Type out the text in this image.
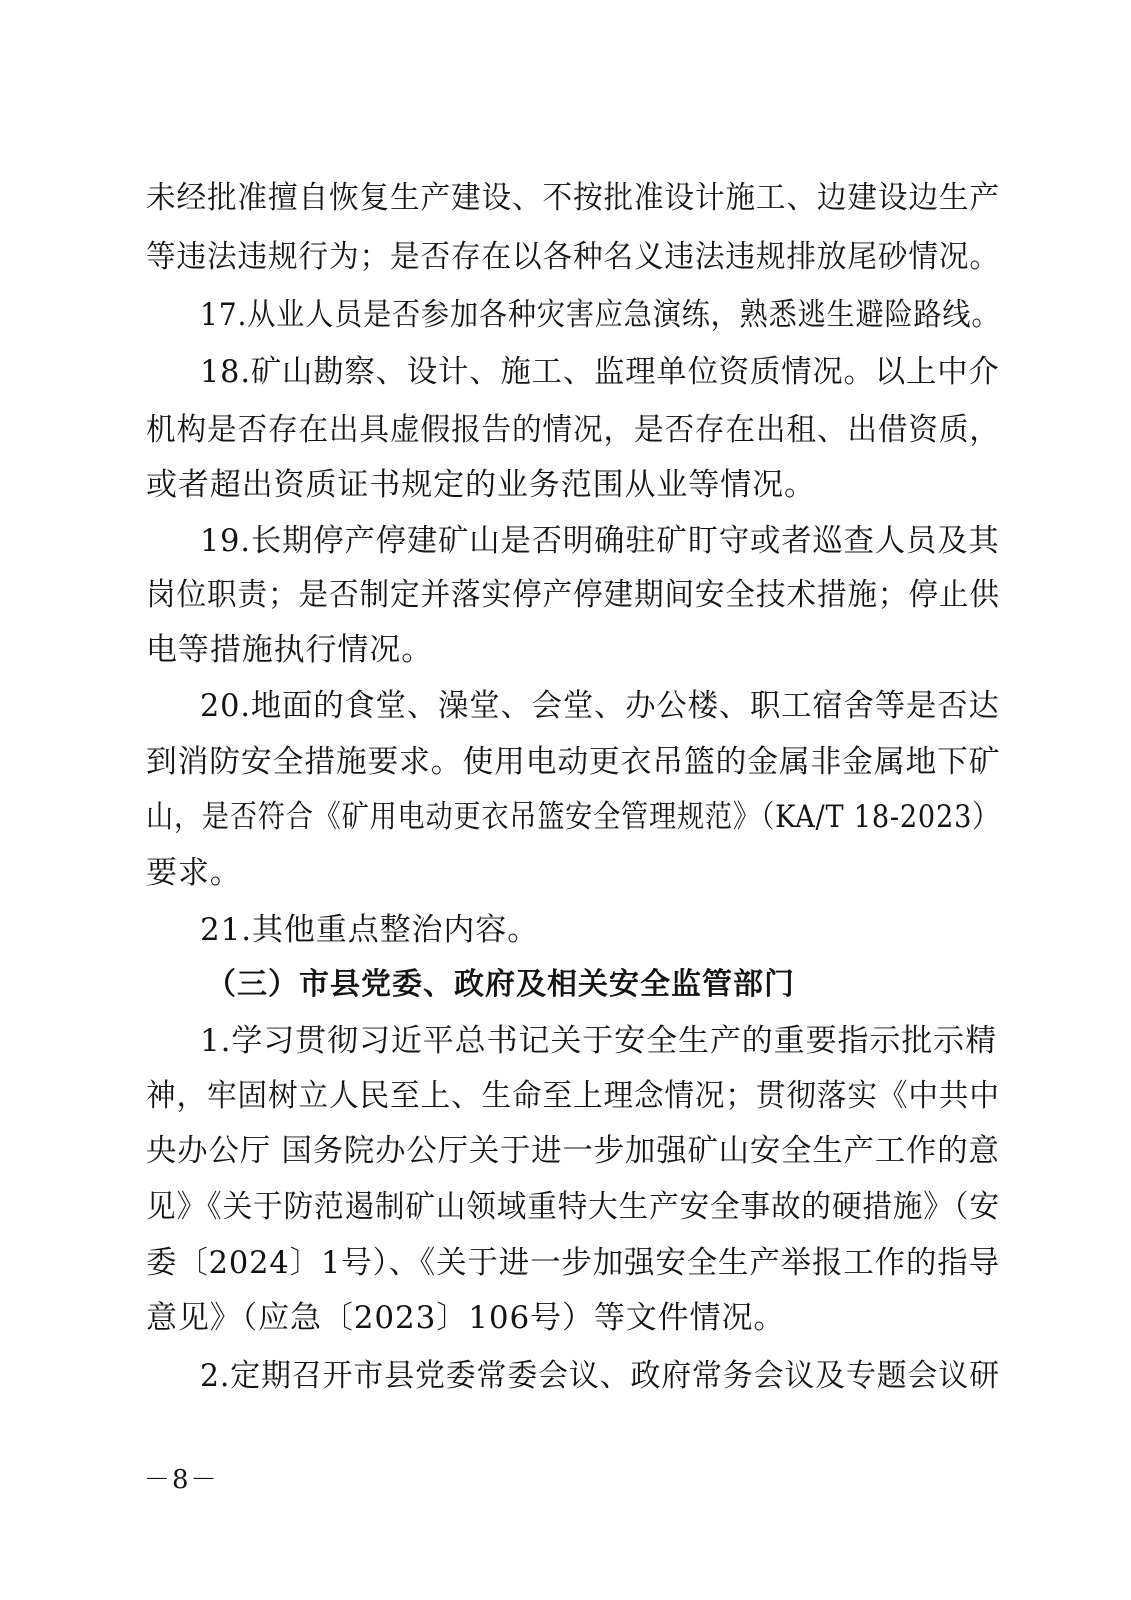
未经批准擅自恢复生产建设、不按批准设计施工、边建设边生产
等违法违规行为；是否存在以各种名义违法违规排放尾砂情况。
17.从业人员是否参加各种灾害应急演练，熟悉逃生避险路线。
18.矿山勘察、设计、施工、监理单位资质情况。以上中介
机构是否存在出具虚假报告的情况，是否存在出租、出借资质，
或者超出资质证书规定的业务范围从业等情况。
19.长期停产停建矿山是否明确驻矿盯守或者巡查人员及其
岗位职责；是否制定并落实停产停建期间安全技术措施；停止供
电等措施执行情况。
20.地面的食堂、澡堂、会堂、办公楼、职工宿舍等是否达
到消防安全措施要求。使用电动更衣吊篮的金属非金属地下矿
山，是否符合《矿用电动更衣吊篮安全管理规范》（KA/T 18-2023）
要求。
21.其他重点整治内容。
（三）市县党委、政府及相关安全监管部门
1.学习贯彻习近平总书记关于安全生产的重要指示批示精
神，牢固树立人民至上、生命至上理念情况；贯彻落实《中共中
央办公厅 国务院办公厅关于进一步加强矿山安全生产工作的意
见》《关于防范遏制矿山领域重特大生产安全事故的硬措施》（安
委〔2024〕1号）、《关于进一步加强安全生产举报工作的指导
意见》（应急〔2023〕106号）等文件情况。
2.定期召开市县党委常委会议、政府常务会议及专题会议研
－8－
